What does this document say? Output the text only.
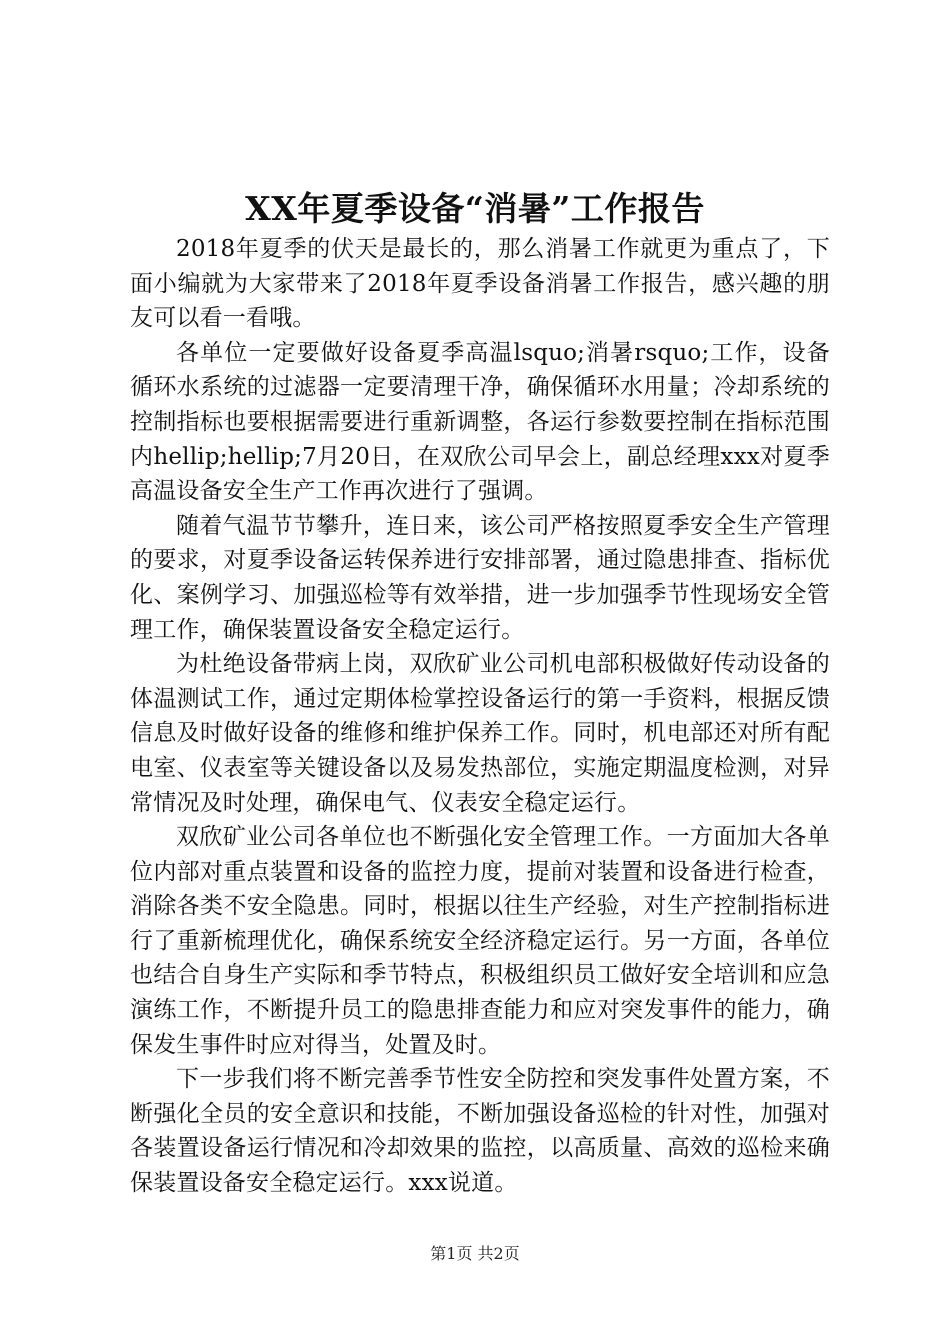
XX年夏季设备“消暑”工作报告

2018年夏季的伏天是最长的，那么消暑工作就更为重点了，下面小编就为大家带来了2018年夏季设备消暑工作报告，感兴趣的朋友可以看一看哦。

各单位一定要做好设备夏季高温lsquo;消暑rsquo;工作，设备循环水系统的过滤器一定要清理干净，确保循环水用量；冷却系统的控制指标也要根据需要进行重新调整，各运行参数要控制在指标范围内hellip;hellip;7月20日，在双欣公司早会上，副总经理xxx对夏季高温设备安全生产工作再次进行了强调。

随着气温节节攀升，连日来，该公司严格按照夏季安全生产管理的要求，对夏季设备运转保养进行安排部署，通过隐患排查、指标优化、案例学习、加强巡检等有效举措，进一步加强季节性现场安全管理工作，确保装置设备安全稳定运行。

为杜绝设备带病上岗，双欣矿业公司机电部积极做好传动设备的体温测试工作，通过定期体检掌控设备运行的第一手资料，根据反馈信息及时做好设备的维修和维护保养工作。同时，机电部还对所有配电室、仪表室等关键设备以及易发热部位，实施定期温度检测，对异常情况及时处理，确保电气、仪表安全稳定运行。

双欣矿业公司各单位也不断强化安全管理工作。一方面加大各单位内部对重点装置和设备的监控力度，提前对装置和设备进行检查，消除各类不安全隐患。同时，根据以往生产经验，对生产控制指标进行了重新梳理优化，确保系统安全经济稳定运行。另一方面，各单位也结合自身生产实际和季节特点，积极组织员工做好安全培训和应急演练工作，不断提升员工的隐患排查能力和应对突发事件的能力，确保发生事件时应对得当，处置及时。

下一步我们将不断完善季节性安全防控和突发事件处置方案，不断强化全员的安全意识和技能，不断加强设备巡检的针对性，加强对各装置设备运行情况和冷却效果的监控，以高质量、高效的巡检来确保装置设备安全稳定运行。xxx说道。

第1页 共2页
